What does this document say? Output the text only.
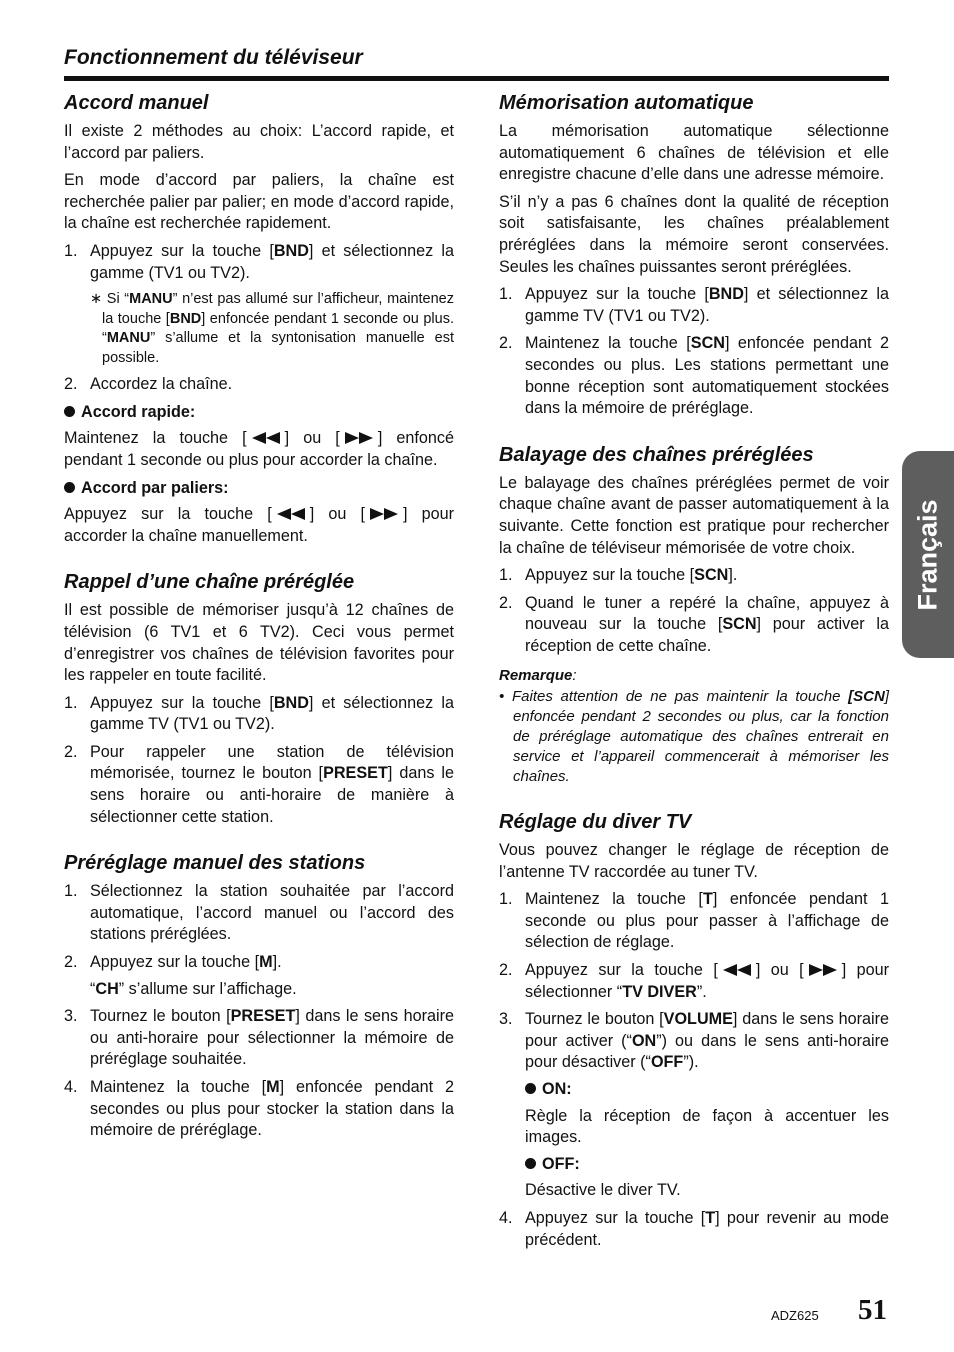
Fonctionnement du téléviseur
Français
Accord manuel

Il existe 2 méthodes au choix: L’accord rapide, et l’accord par paliers.

En mode d’accord par paliers, la chaîne est recherchée palier par palier; en mode d’accord rapide, la chaîne est recherchée rapidement.

1. Appuyez sur la touche [BND] et sélectionnez la gamme (TV1 ou TV2).
∗ Si “MANU” n’est pas allumé sur l’afficheur, maintenez la touche [BND] enfoncée pendant 1 seconde ou plus. “MANU” s’allume et la syntonisation manuelle est possible.
2. Accordez la chaîne.
Accord rapide:

Maintenez la touche [ ] ou [ ] enfoncé pendant 1 seconde ou plus pour accorder la chaîne.

Accord par paliers:

Appuyez sur la touche [ ] ou [ ] pour accorder la chaîne manuellement.

Rappel d’une chaîne préréglée

Il est possible de mémoriser jusqu’à 12 chaînes de télévision (6 TV1 et 6 TV2). Ceci vous permet d’enregistrer vos chaînes de télévision favorites pour les rappeler en toute facilité.

1. Appuyez sur la touche [BND] et sélectionnez la gamme TV (TV1 ou TV2).
2. Pour rappeler une station de télévision mémorisée, tournez le bouton [PRESET] dans le sens horaire ou anti-horaire de manière à sélectionner cette station.
Préréglage manuel des stations
1. Sélectionnez la station souhaitée par l’accord automatique, l’accord manuel ou l’accord des stations préréglées.
2. Appuyez sur la touche [M].
“CH” s’allume sur l’affichage.
3. Tournez le bouton [PRESET] dans le sens horaire ou anti-horaire pour sélectionner la mémoire de préréglage souhaitée.
4. Maintenez la touche [M] enfoncée pendant 2 secondes ou plus pour stocker la station dans la mémoire de préréglage.
Mémorisation automatique

La mémorisation automatique sélectionne automatiquement 6 chaînes de télévision et elle enregistre chacune d’elle dans une adresse mémoire.

S’il n’y a pas 6 chaînes dont la qualité de réception soit satisfaisante, les chaînes préalablement préréglées dans la mémoire seront conservées. Seules les chaînes puissantes seront préréglées.

1. Appuyez sur la touche [BND] et sélectionnez la gamme TV (TV1 ou TV2).
2. Maintenez la touche [SCN] enfoncée pendant 2 secondes ou plus. Les stations permettant une bonne réception sont automatiquement stockées dans la mémoire de préréglage.
Balayage des chaînes préréglées

Le balayage des chaînes préréglées permet de voir chaque chaîne avant de passer automatiquement à la suivante. Cette fonction est pratique pour rechercher la chaîne de téléviseur mémorisée de votre choix.

1. Appuyez sur la touche [SCN].
2. Quand le tuner a repéré la chaîne, appuyez à nouveau sur la touche [SCN] pour activer la réception de cette chaîne.
Remarque:

• Faites attention de ne pas maintenir la touche [SCN] enfoncée pendant 2 secondes ou plus, car la fonction de préréglage automatique des chaînes entrerait en service et l’appareil commencerait à mémoriser les chaînes.

Réglage du diver TV

Vous pouvez changer le réglage de réception de l’antenne TV raccordée au tuner TV.

1. Maintenez la touche [T] enfoncée pendant 1 seconde ou plus pour passer à l’affichage de sélection de réglage.
2. Appuyez sur la touche [ ] ou [ ] pour sélectionner “TV DIVER”.
3. Tournez le bouton [VOLUME] dans le sens horaire pour activer (“ON”) ou dans le sens anti-horaire pour désactiver (“OFF”).
ON:
Règle la réception de façon à accentuer les images.
OFF:
Désactive le diver TV.
4. Appuyez sur la touche [T] pour revenir au mode précédent.
ADZ625 51
